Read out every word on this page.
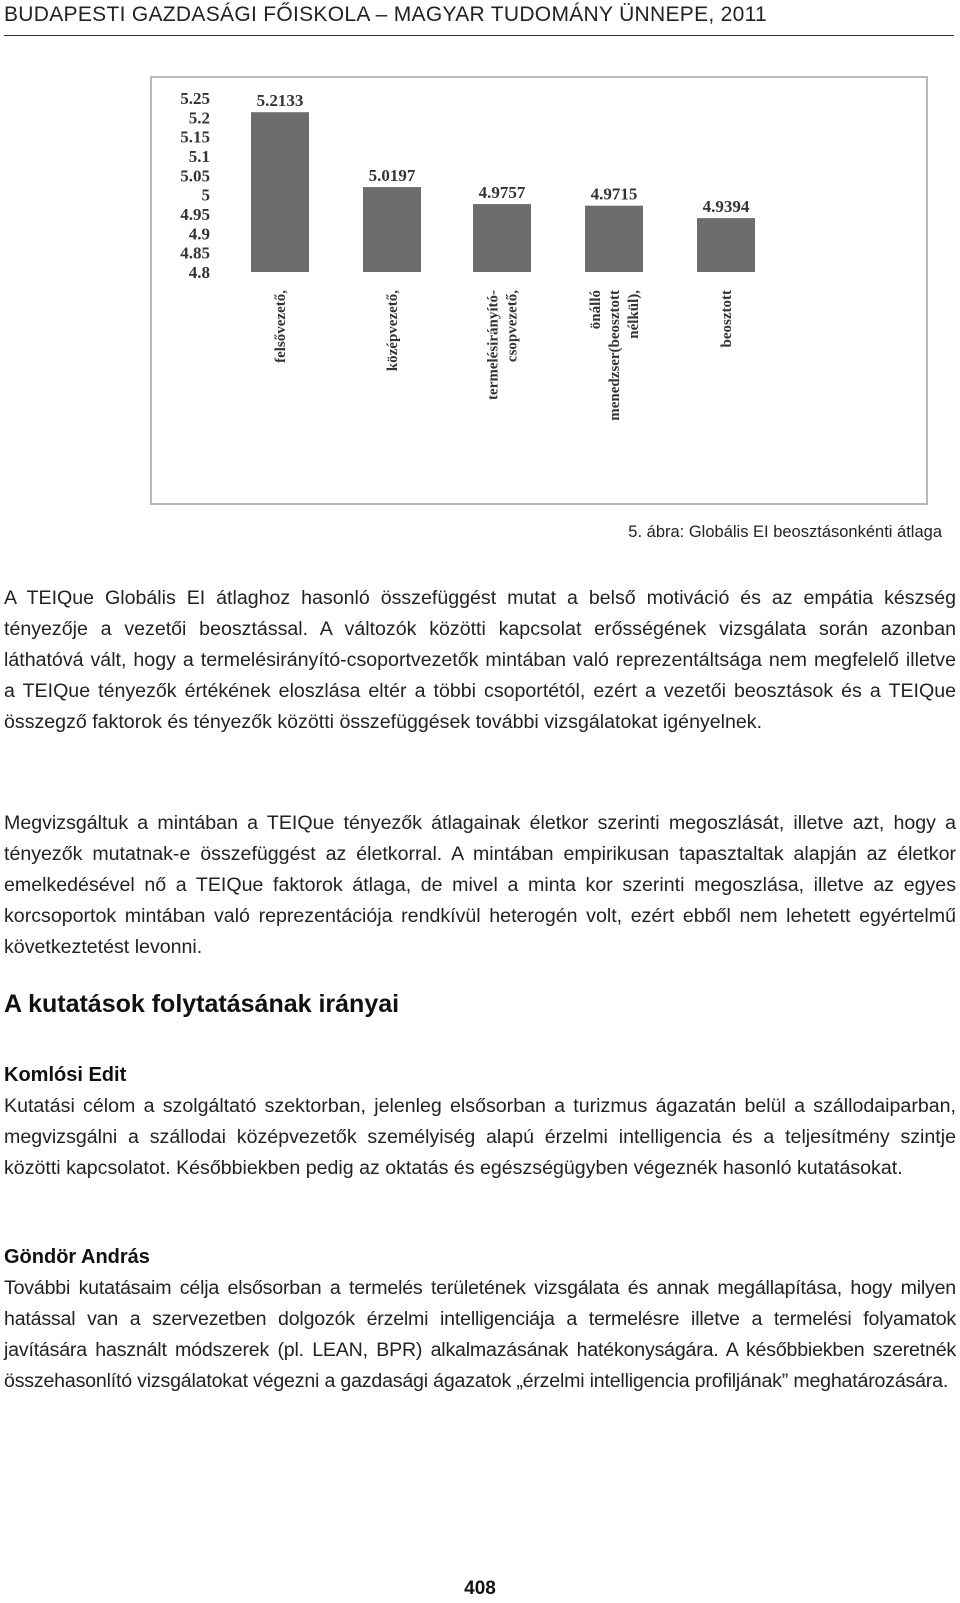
BUDAPESTI GAZDASÁGI FŐISKOLA – MAGYAR TUDOMÁNY ÜNNEPE, 2011
5.25
5.2
5.15
5.1
5.05
5
4.95
4.9
4.85
4.8
5.2133
felsővezető,
5.0197
középvezető,
4.9757
termelésirányító- csopvezető,
4.9715
önálló menedzser(beosztott nélkül),
4.9394
beosztott
5. ábra: Globális EI beosztásonkénti átlaga

A TEIQue Globális EI átlaghoz hasonló összefüggést mutat a belső motiváció és az empátia készség tényezője a vezetői beosztással. A változók közötti kapcsolat erősségének vizsgálata során azonban láthatóvá vált, hogy a termelésirányító-csoportvezetők mintában való reprezentáltsága nem megfelelő illetve a TEIQue tényezők értékének eloszlása eltér a többi csoportétól, ezért a vezetői beosztások és a TEIQue összegző faktorok és tényezők közötti összefüggések további vizsgálatokat igényelnek.

Megvizsgáltuk a mintában a TEIQue tényezők átlagainak életkor szerinti megoszlását, illetve azt, hogy a tényezők mutatnak-e összefüggést az életkorral. A mintában empirikusan tapasztaltak alapján az életkor emelkedésével nő a TEIQue faktorok átlaga, de mivel a minta kor szerinti megoszlása, illetve az egyes korcsoportok mintában való reprezentációja rendkívül heterogén volt, ezért ebből nem lehetett egyértelmű következtetést levonni.

A kutatások folytatásának irányai
Komlósi Edit

Kutatási célom a szolgáltató szektorban, jelenleg elsősorban a turizmus ágazatán belül a szállodaiparban, megvizsgálni a szállodai középvezetők személyiség alapú érzelmi intelligencia és a teljesítmény szintje közötti kapcsolatot. Későbbiekben pedig az oktatás és egészségügyben végeznék hasonló kutatásokat.

Göndör András

További kutatásaim célja elsősorban a termelés területének vizsgálata és annak megállapítása, hogy milyen hatással van a szervezetben dolgozók érzelmi intelligenciája a termelésre illetve a termelési folyamatok javítására használt módszerek (pl. LEAN, BPR) alkalmazásának hatékonyságára. A későbbiekben szeretnék összehasonlító vizsgálatokat végezni a gazdasági ágazatok „érzelmi intelligencia profiljának” meghatározására.

408
